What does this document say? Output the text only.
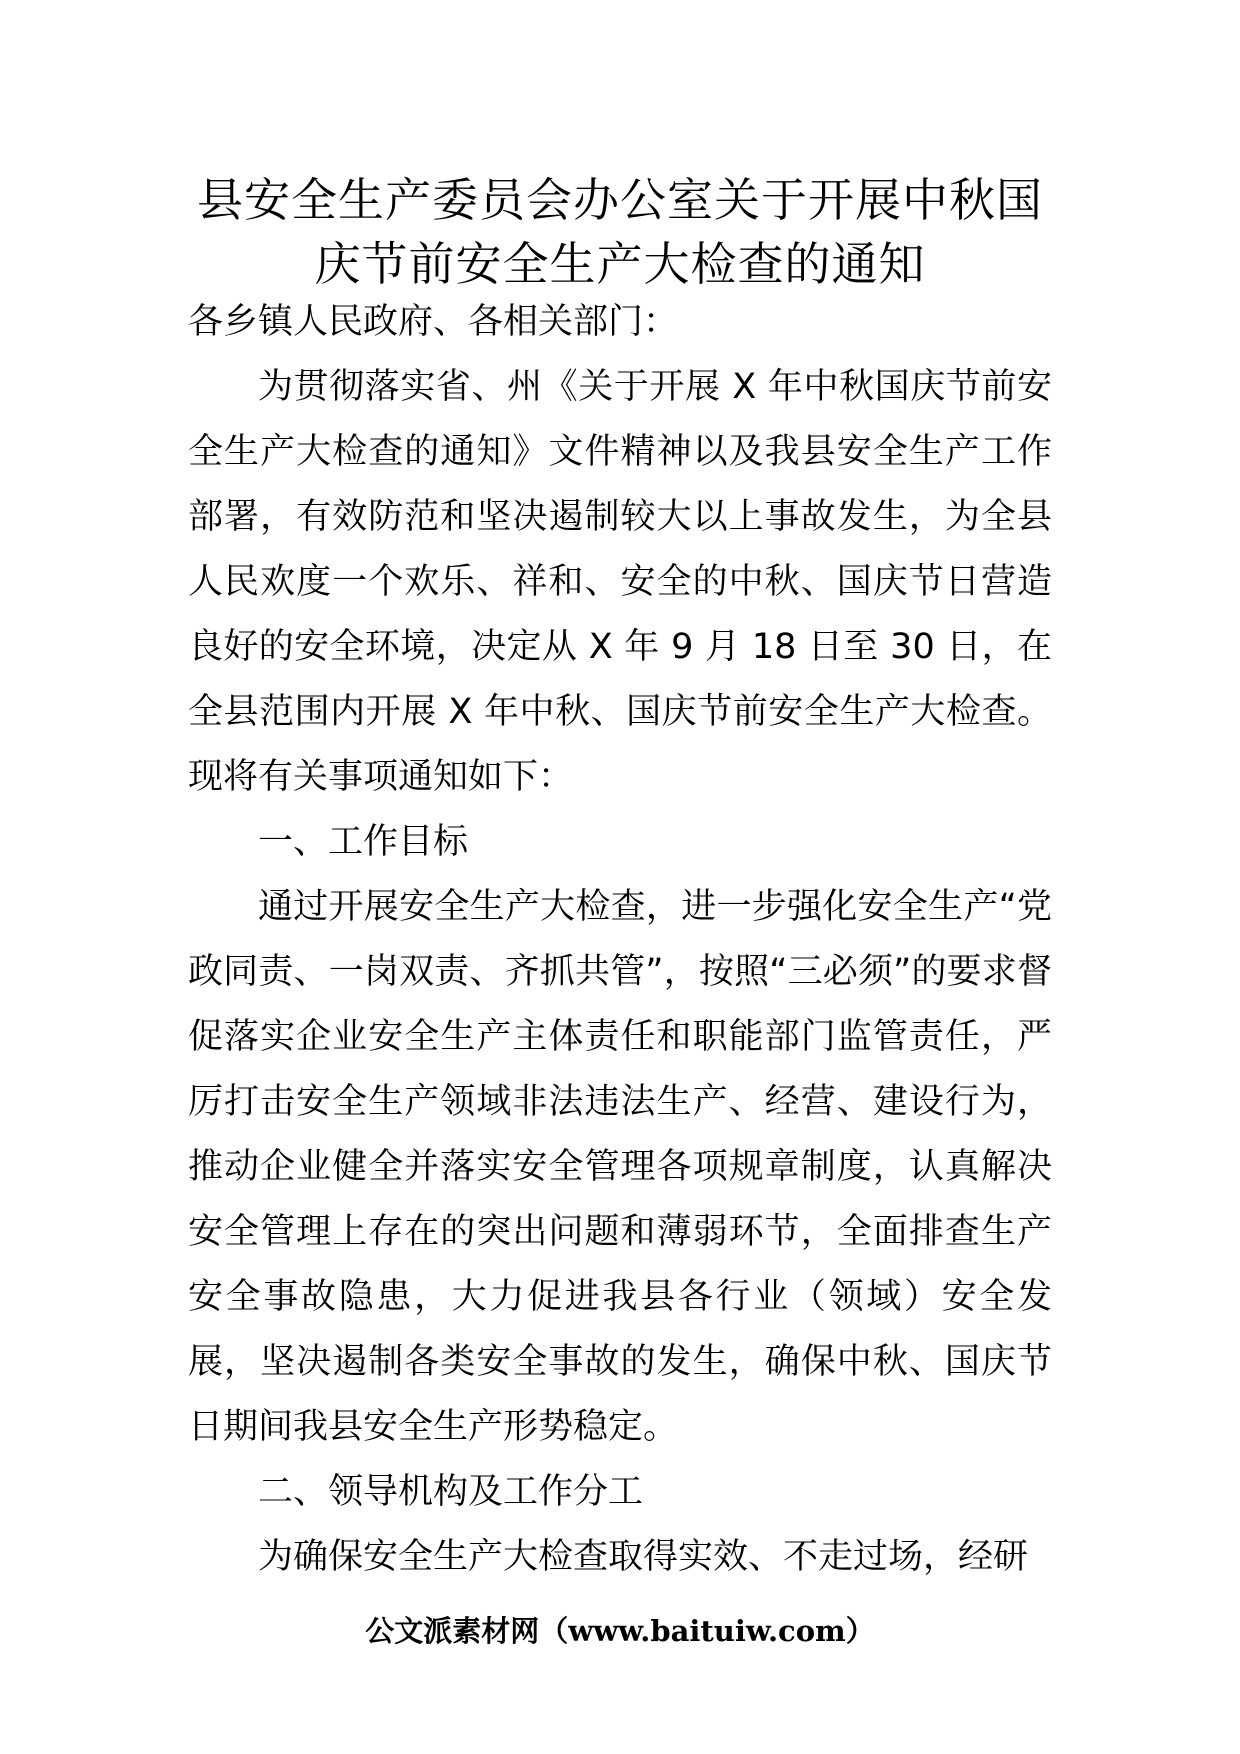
县安全生产委员会办公室关于开展中秋国
庆节前安全生产大检查的通知

各乡镇人民政府、各相关部门：

为贯彻落实省、州《关于开展 X 年中秋国庆节前安全生产大检查的通知》文件精神以及我县安全生产工作部署，有效防范和坚决遏制较大以上事故发生，为全县人民欢度一个欢乐、祥和、安全的中秋、国庆节日营造良好的安全环境，决定从 X 年 9 月 18 日至 30 日，在全县范围内开展 X 年中秋、国庆节前安全生产大检查。现将有关事项通知如下：

一、工作目标

通过开展安全生产大检查，进一步强化安全生产“党政同责、一岗双责、齐抓共管”，按照“三必须”的要求督促落实企业安全生产主体责任和职能部门监管责任，严厉打击安全生产领域非法违法生产、经营、建设行为，推动企业健全并落实安全管理各项规章制度，认真解决安全管理上存在的突出问题和薄弱环节，全面排查生产安全事故隐患，大力促进我县各行业（领域）安全发展，坚决遏制各类安全事故的发生，确保中秋、国庆节日期间我县安全生产形势稳定。

二、领导机构及工作分工

为确保安全生产大检查取得实效、不走过场，经研

公文派素材网（www.baituiw.com）
